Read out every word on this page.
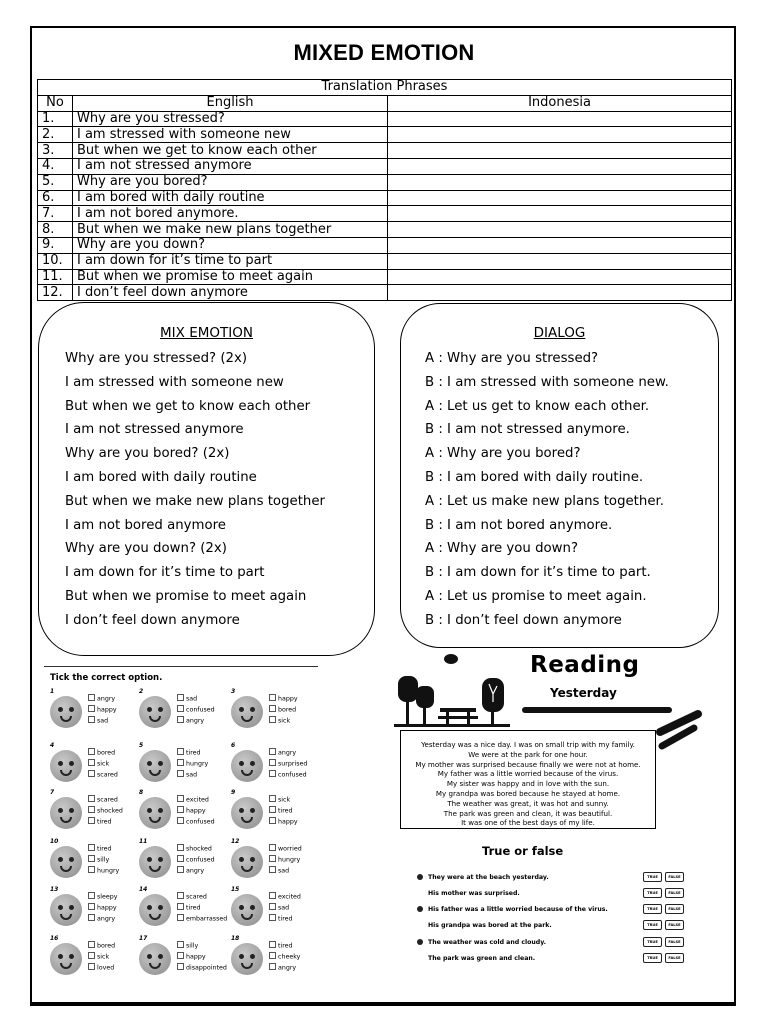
MIXED EMOTION
Translation Phrases		
No	English	Indonesia
1.	Why are you stressed?	
2.	I am stressed with someone new	
3.	But when we get to know each other	
4.	I am not stressed anymore	
5.	Why are you bored?	
6.	I am bored with daily routine	
7.	I am not bored anymore.	
8.	But when we make new plans together	
9.	Why are you down?	
10.	I am down for it’s time to part	
11.	But when we promise to meet again	
12.	I don’t feel down anymore	
MIX EMOTION
Why are you stressed? (2x)
I am stressed with someone new
But when we get to know each other
I am not stressed anymore
Why are you bored? (2x)
I am bored with daily routine
But when we make new plans together
I am not bored anymore
Why are you down? (2x)
I am down for it’s time to part
But when we promise to meet again
I don’t feel down anymore
DIALOG
A : Why are you stressed?
B : I am stressed with someone new.
A : Let us get to know each other.
B : I am not stressed anymore.
A : Why are you bored?
B : I am bored with daily routine.
A : Let us make new plans together.
B : I am not bored anymore.
A : Why are you down?
B : I am down for it’s time to part.
A : Let us promise to meet again.
B : I don’t feel down anymore
Tick the correct option.
1
angry
happy
sad
2
sad
confused
angry
3
happy
bored
sick
4
bored
sick
scared
5
tired
hungry
sad
6
angry
surprised
confused
7
scared
shocked
tired
8
excited
happy
confused
9
sick
tired
happy
10
tired
silly
hungry
11
shocked
confused
angry
12
worried
hungry
sad
13
sleepy
happy
angry
14
scared
tired
embarrassed
15
excited
sad
tired
16
bored
sick
loved
17
silly
happy
disappointed
18
tired
cheeky
angry
Reading
Yesterday

Yesterday was a nice day. I was on small trip with my family.

We were at the park for one hour.

My mother was surprised because finally we were not at home.

My father was a little worried because of the virus.

My sister was happy and in love with the sun.

My grandpa was bored because he stayed at home.

The weather was great, it was hot and sunny.

The park was green and clean, it was beautiful.

It was one of the best days of my life.

True or false
They were at the beach yesterday.	TRUE	FALSE
His mother was surprised.	TRUE	FALSE
His father was a little worried because of the virus.	TRUE	FALSE
His grandpa was bored at the park.	TRUE	FALSE
The weather was cold and cloudy.	TRUE	FALSE
The park was green and clean.	TRUE	FALSE
